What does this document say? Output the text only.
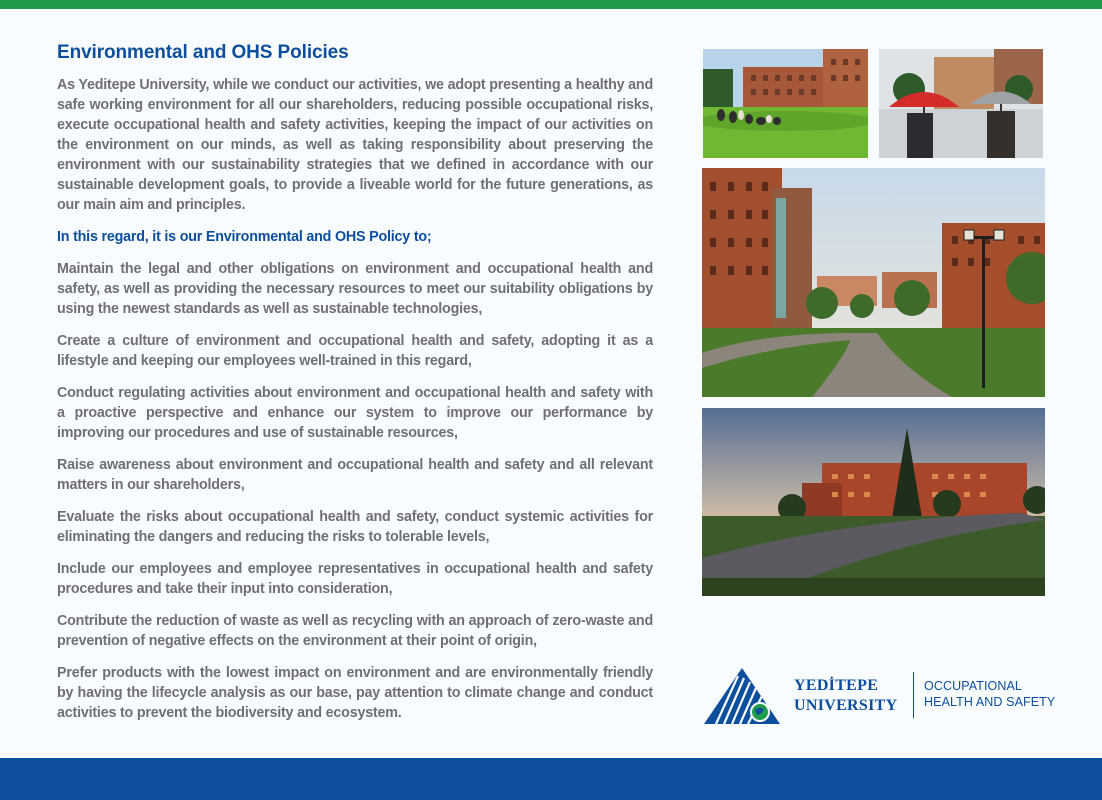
Environmental and OHS Policies

As Yeditepe University, while we conduct our activities, we adopt presenting a healthy and safe working environment for all our shareholders, reducing possible occupational risks, execute occupational health and safety activities, keeping the impact of our activities on the environment on our minds, as well as taking responsibility about preserving the environment with our sustainability strategies that we defined in accordance with our sustainable development goals, to provide a liveable world for the future generations, as our main aim and principles.

In this regard, it is our Environmental and OHS Policy to;

Maintain the legal and other obligations on environment and occupational health and safety, as well as providing the necessary resources to meet our suitability obligations by using the newest standards as well as sustainable technologies,

Create a culture of environment and occupational health and safety, adopting it as a lifestyle and keeping our employees well-trained in this regard,

Conduct regulating activities about environment and occupational health and safety with a proactive perspective and enhance our system to improve our performance by improving our procedures and use of sustainable resources,

Raise awareness about environment and occupational health and safety and all relevant matters in our shareholders,

Evaluate the risks about occupational health and safety, conduct systemic activities for eliminating the dangers and reducing the risks to tolerable levels,

Include our employees and employee representatives in occupational health and safety procedures and take their input into consideration,

Contribute the reduction of waste as well as recycling with an approach of zero-waste and prevention of negative effects on the environment at their point of origin,

Prefer products with the lowest impact on environment and are environmentally friendly by having the lifecycle analysis as our base, pay attention to climate change and conduct activities to prevent the biodiversity and ecosystem.

YEDİTEPE
UNIVERSITY
OCCUPATIONAL
HEALTH AND SAFETY
